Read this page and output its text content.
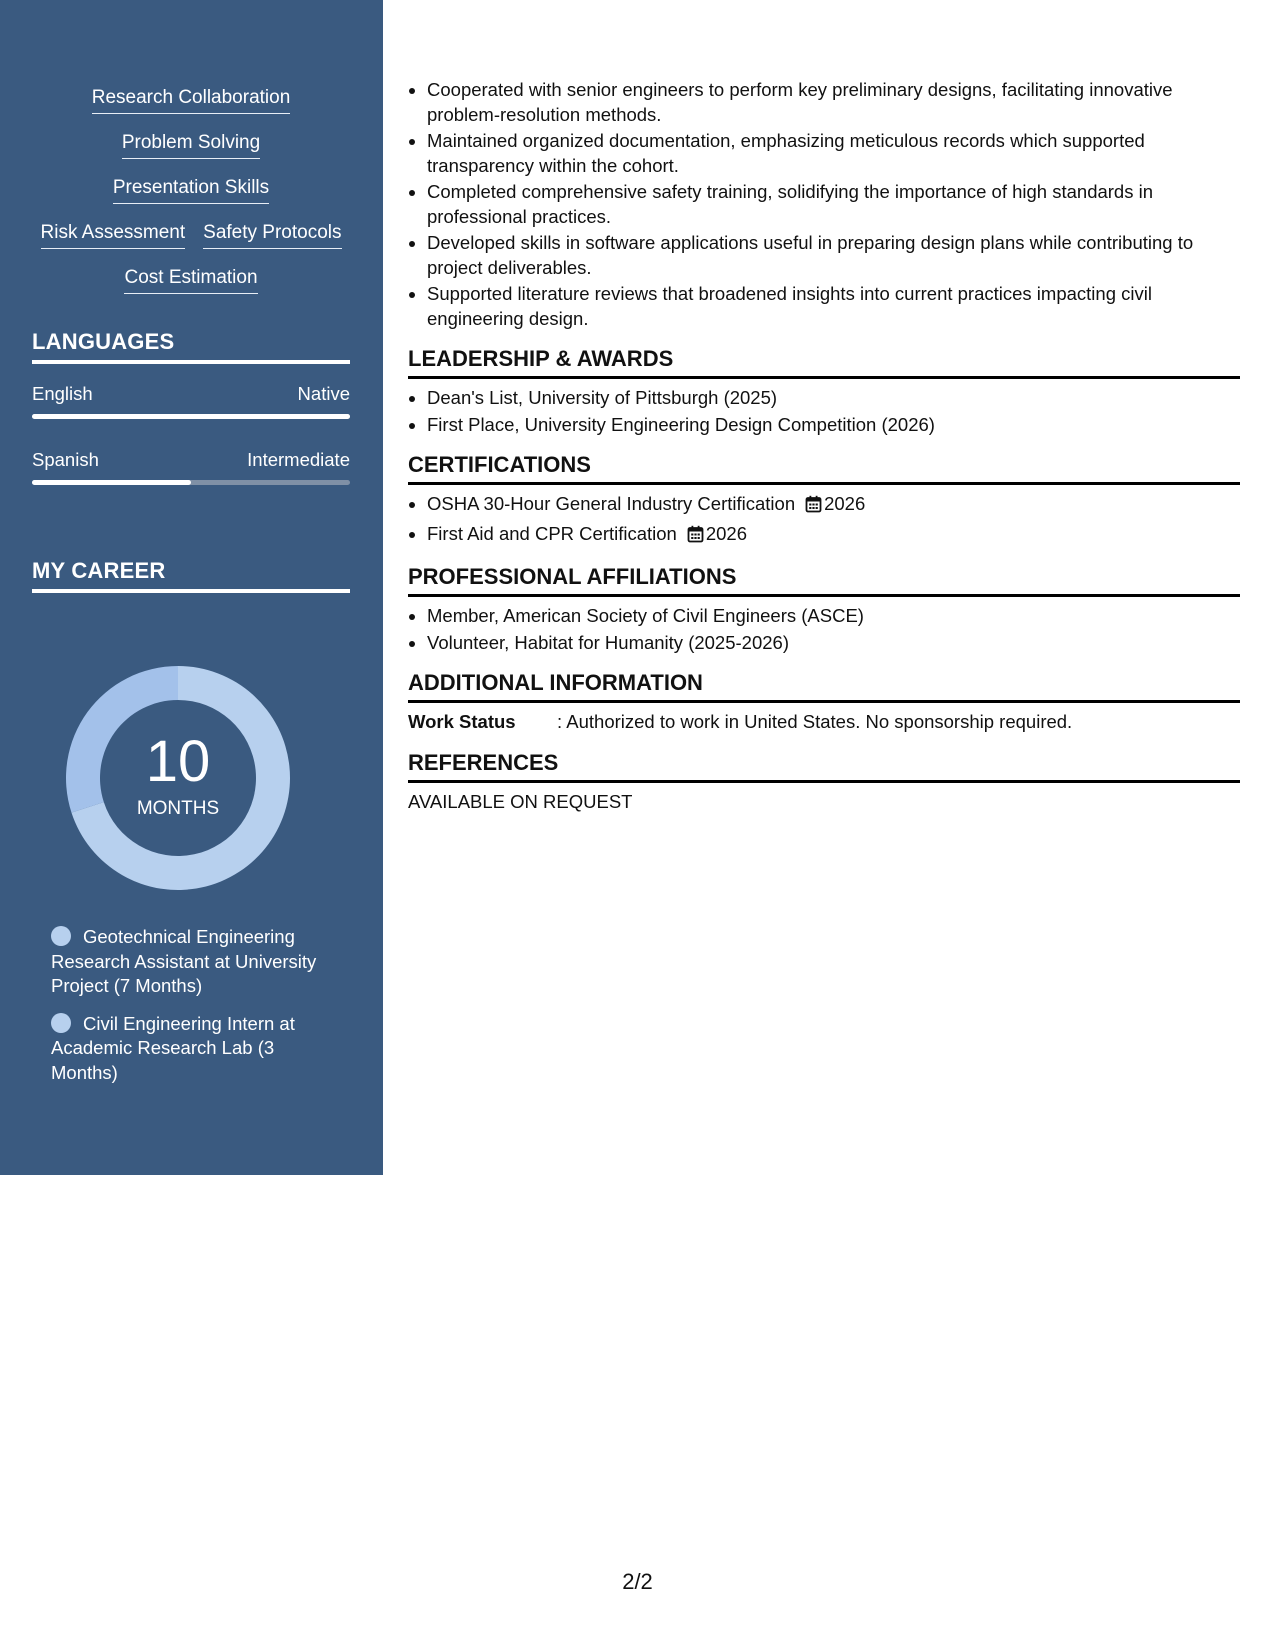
Research Collaboration
Problem Solving
Presentation Skills
Risk Assessment Safety Protocols
Cost Estimation
LANGUAGES
English	Native
Spanish	Intermediate
MY CAREER
10
MONTHS
Geotechnical Engineering Research Assistant at University Project (7 Months)
Civil Engineering Intern at Academic Research Lab (3 Months)
• Cooperated with senior engineers to perform key preliminary designs, facilitating innovative problem-resolution methods.
• Maintained organized documentation, emphasizing meticulous records which supported transparency within the cohort.
• Completed comprehensive safety training, solidifying the importance of high standards in professional practices.
• Developed skills in software applications useful in preparing design plans while contributing to project deliverables.
• Supported literature reviews that broadened insights into current practices impacting civil engineering design.
LEADERSHIP & AWARDS
• Dean's List, University of Pittsburgh (2025)
• First Place, University Engineering Design Competition (2026)
CERTIFICATIONS
• OSHA 30-Hour General Industry Certification 2026
• First Aid and CPR Certification 2026
PROFESSIONAL AFFILIATIONS
• Member, American Society of Civil Engineers (ASCE)
• Volunteer, Habitat for Humanity (2025-2026)
ADDITIONAL INFORMATION
Work Status : Authorized to work in United States. No sponsorship required.
REFERENCES
AVAILABLE ON REQUEST
2/2
